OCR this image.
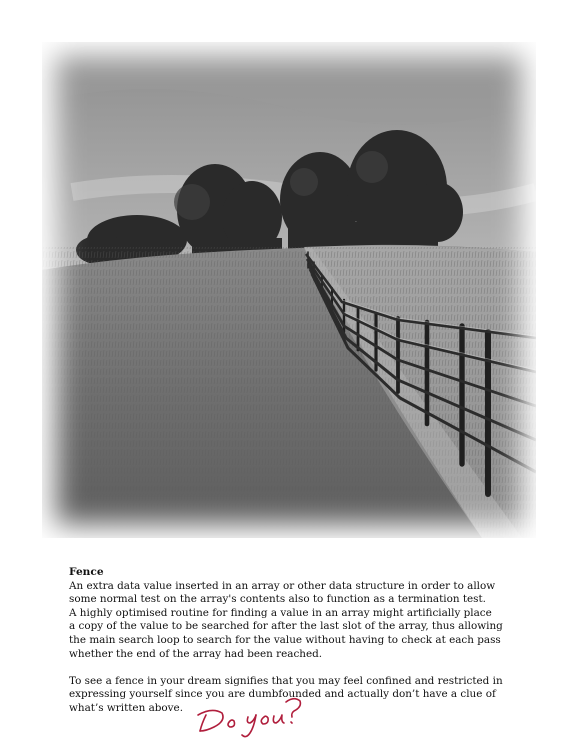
Fence

An extra data value inserted in an array or other data structure in order to allow
some normal test on the array's contents also to function as a termination test.
A highly optimised routine for finding a value in an array might artificially place
a copy of the value to be searched for after the last slot of the array, thus allowing
the main search loop to search for the value without having to check at each pass
whether the end of the array had been reached.

To see a fence in your dream signifies that you may feel confined and restricted in
expressing yourself since you are dumbfounded and actually don’t have a clue of
what’s written above.
